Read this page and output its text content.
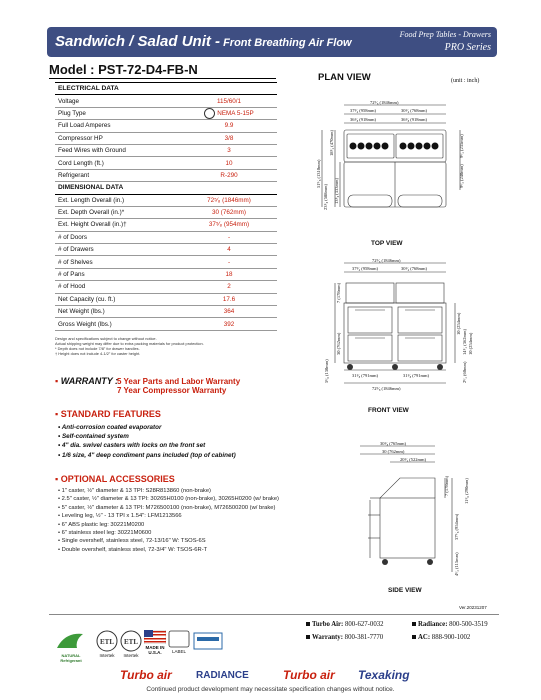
Sandwich / Salad Unit - Front Breathing Air Flow
Food Prep Tables - Drawers
PRO Series
Model : PST-72-D4-FB-N
ELECTRICAL DATA	
Voltage	115/60/1
Plug Type	NEMA 5-15P
Full Load Amperes	9.9
Compressor HP	3/8
Feed Wires with Ground	3
Cord Length (ft.)	10
Refrigerant	R-290
DIMENSIONAL DATA	
Ext. Length Overall (in.)	72⁵⁄₈ (1846mm)
Ext. Depth Overall (in.)*	30 (762mm)
Ext. Height Overall (in.)†	37⁵⁄₈ (954mm)
# of Doors	-
# of Drawers	4
# of Shelves	-
# of Pans	18
# of Hood	2
Net Capacity (cu. ft.)	17.6
Net Weight (lbs.)	364
Gross Weight (lbs.)	392
Design and specifications subject to change without notice.
Actual shipping weight may differ due to extra packing materials for product protection.
* Depth does not include 7/8" for drawer handles.
† Height does not include 4-1/2" for caster height.
▪ WARRANTY :
5 Year Parts and Labor Warranty
7 Year Compressor Warranty
▪ STANDARD FEATURES
• Anti-corrosion coated evaporator
• Self-contained system
• 4" dia. swivel casters with locks on the front set
• 1/6 size, 4" deep condiment pans included (top of cabinet)
▪ OPTIONAL ACCESSORIES
• 1" caster, ½" diameter & 13 TPI: S28R813860 (non-brake)
• 2.5" caster, ½" diameter & 13 TPI: 30265H0100 (non-brake), 30265H0200 (w/ brake)
• 5" caster, ½" diameter & 13 TPI: M726500100 (non-brake), M726500200 (w/ brake)
• Leveling leg, ½" - 13 TPI x 1.54": LFM1213566
• 6" ABS plastic leg: 30221M0200
• 6" stainless steel leg: 30221M0600
• Single overshelf, stainless steel, 72-13/16" W: TSOS-6S
• Double overshelf, stainless steel, 72-3/4" W: TSOS-6R-T
PLAN VIEW	(unit : inch)
72⁵⁄₈ (1846mm)
37³⁄₄ (958mm)	30¹⁄₄ (768mm)
36¹⁄₈ (918mm)	36¹⁄₈ (918mm)
18¹⁄₂ (470mm)
51⁵⁄₈ (1310mm)
23¹⁄₈ (588mm) 13¹⁄₈ (333mm)
9¹⁄₄ (235mm)
9¹⁄₂ (240mm)
TOP VIEW
72⁵⁄₈ (1846mm)
37³⁄₄ (958mm)	30¹⁄₄ (768mm)
7 (178mm)
30 (762mm)
10 (254mm)
14¹⁄₄ (362mm) 10 (254mm)
2¹⁄₄ (60mm)
5¹⁄₈ (130mm)	31¹⁄₈ (791mm)	31¹⁄₈ (791mm)
72⁵⁄₈ (1846mm)
FRONT VIEW
30¹⁄₈ (765mm)
30 (762mm)
20¹⁄₂ (522mm)
7 (178mm)	11³⁄₈ (290mm)
37⁵⁄₈ (954mm)
4¹⁄₂ (115mm)
SIDE VIEW
Ver.20231207
NATURAL Refrigerant
ETL
Intertek
ETL
Intertek
MADE IN U.S.A.	LABEL
Turbo Air: 800-627-0032	Radiance: 800-500-3519
Warranty: 800-381-7770	AC: 888-900-1002
Turbo air RADIANCE	Turbo air Texaking
Continued product development may necessitate specification changes without notice.
